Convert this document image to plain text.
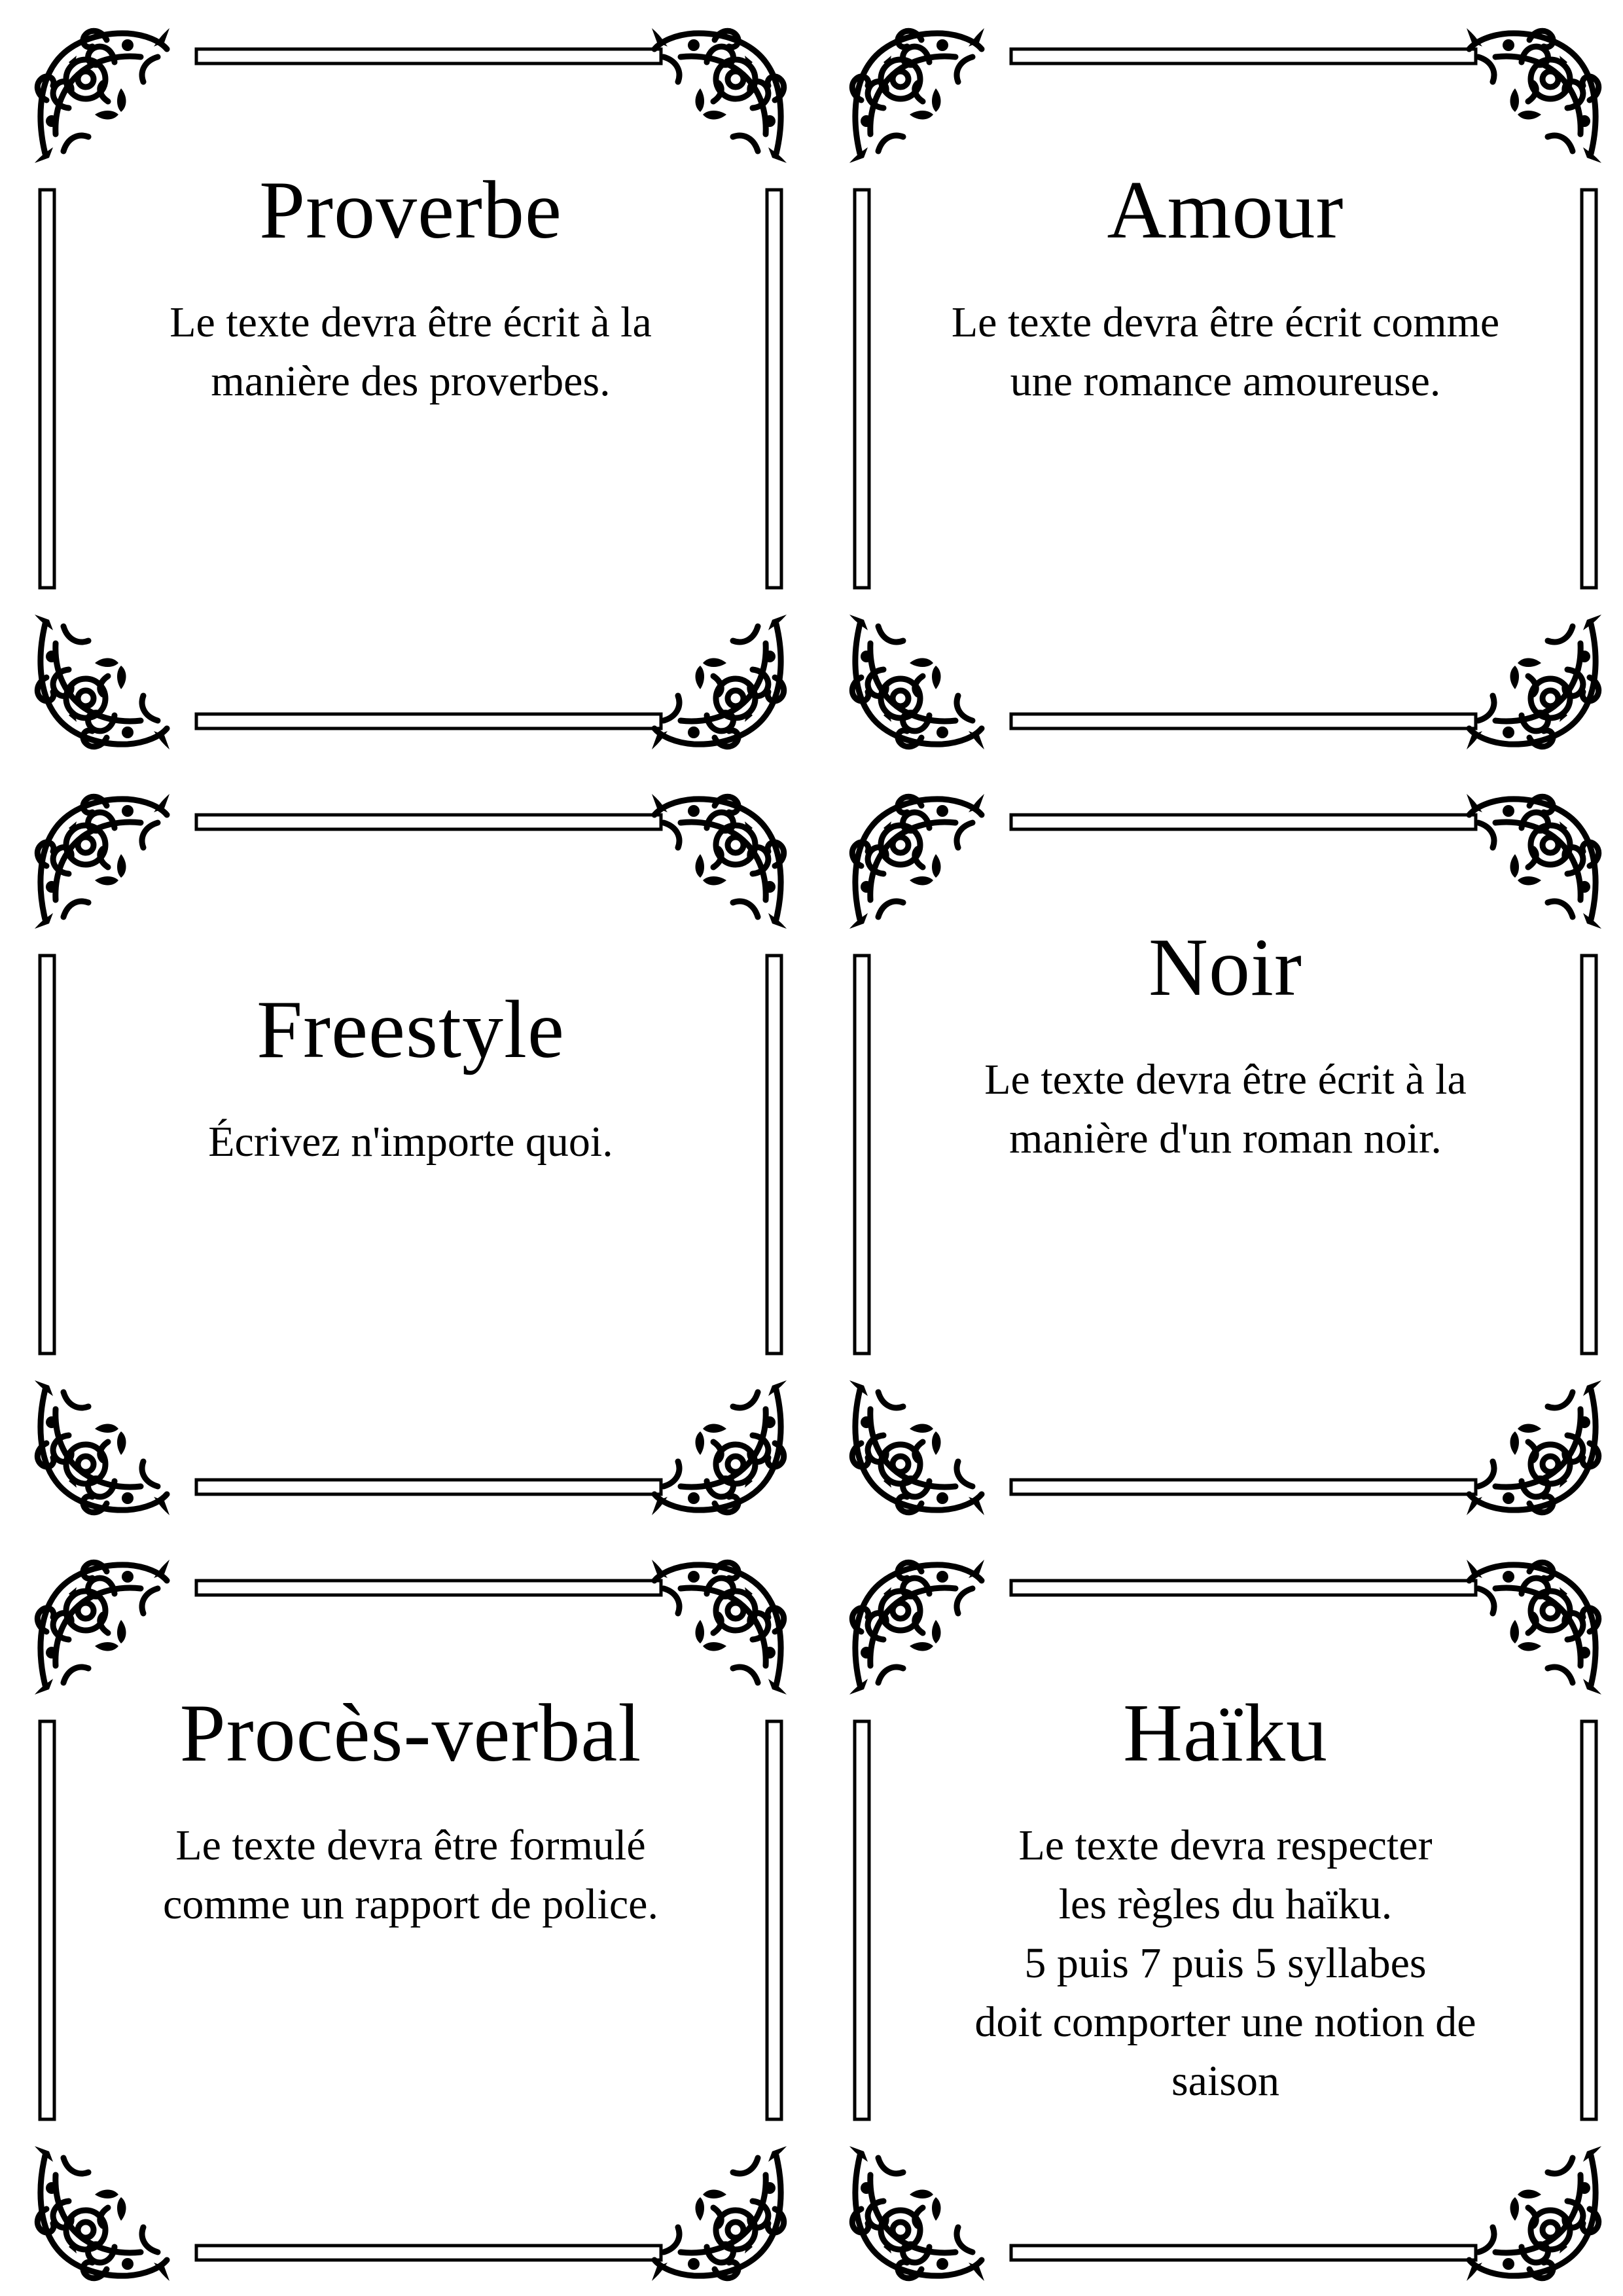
Proverbe
Le texte devra être écrit à la
manière des proverbes.
Amour
Le texte devra être écrit comme
une romance amoureuse.
Freestyle
Écrivez n'importe quoi.
Noir
Le texte devra être écrit à la
manière d'un roman noir.
Procès-verbal
Le texte devra être formulé
comme un rapport de police.
Haïku
Le texte devra respecter
les règles du haïku.
5 puis 7 puis 5 syllabes
doit comporter une notion de
saison
